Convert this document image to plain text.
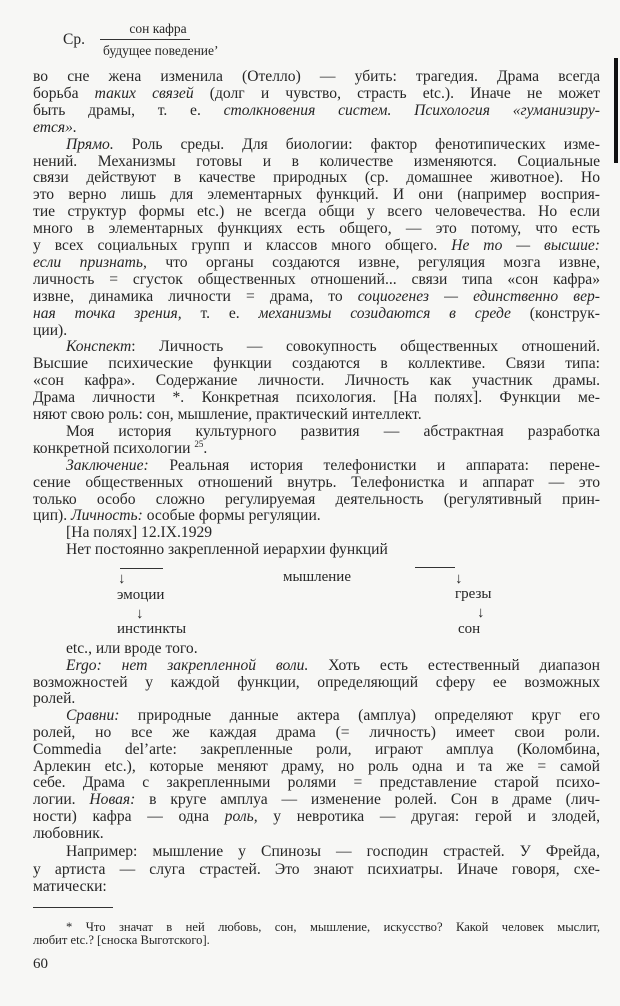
Ср.
сон кафра
будущее поведение’
во сне жена изменила (Отелло) — убить: трагедия. Драма всегда
борьба таких связей (долг и чувство, страсть etc.). Иначе не может
быть драмы, т. е. столкновения систем. Психология «гуманизиру-
ется».
Прямо. Роль среды. Для биологии: фактор фенотипических изме-
нений. Механизмы готовы и в количестве изменяются. Социальные
связи действуют в качестве природных (ср. домашнее животное). Но
это верно лишь для элементарных функций. И они (например восприя-
тие структур формы etc.) не всегда общи у всего человечества. Но если
много в элементарных функциях есть общего, — это потому, что есть
у всех социальных групп и классов много общего. Не то — высшие:
если признать, что органы создаются извне, регуляция мозга извне,
личность = сгусток общественных отношений... связи типа «сон кафра»
извне, динамика личности = драма, то социогенез — единственно вер-
ная точка зрения, т. е. механизмы созидаются в среде (конструк-
ции).
Конспект: Личность — совокупность общественных отношений.
Высшие психические функции создаются в коллективе. Связи типа:
«сон кафра». Содержание личности. Личность как участник драмы.
Драма личности *. Конкретная психология. [На полях]. Функции ме-
няют свою роль: сон, мышление, практический интеллект.
Моя история культурного развития — абстрактная разработка
конкретной психологии $^{25}$.
Заключение: Реальная история телефонистки и аппарата: перене-
сение общественных отношений внутрь. Телефонистка и аппарат — это
только особо сложно регулируемая деятельность (регулятивный прин-
цип). Личность: особые формы регуляции.
[На полях] 12.IX.1929
Нет постоянно закрепленной иерархии функций
etc., или вроде того.
Ergo: нет закрепленной воли. Хоть есть естественный диапазон
возможностей у каждой функции, определяющий сферу ее возможных
ролей.
Сравни: природные данные актера (амплуа) определяют круг его
ролей, но все же каждая драма (= личность) имеет свои роли.
Commedia del’arte: закрепленные роли, играют амплуа (Коломбина,
Арлекин etc.), которые меняют драму, но роль одна и та же = самой
себе. Драма с закрепленными ролями = представление старой психо-
логии. Новая: в круге амплуа — изменение ролей. Сон в драме (лич-
ности) кафра — одна роль, у невротика — другая: герой и злодей,
любовник.
Например: мышление у Спинозы — господин страстей. У Фрейда,
у артиста — слуга страстей. Это знают психиатры. Иначе говоря, схе-
матически:
↓	мышление	↓
эмоции	грезы
↓	↓
инстинкты	сон
* Что значат в ней любовь, сон, мышление, искусство? Какой человек мыслит,
любит etc.? [сноска Выготского].
60
